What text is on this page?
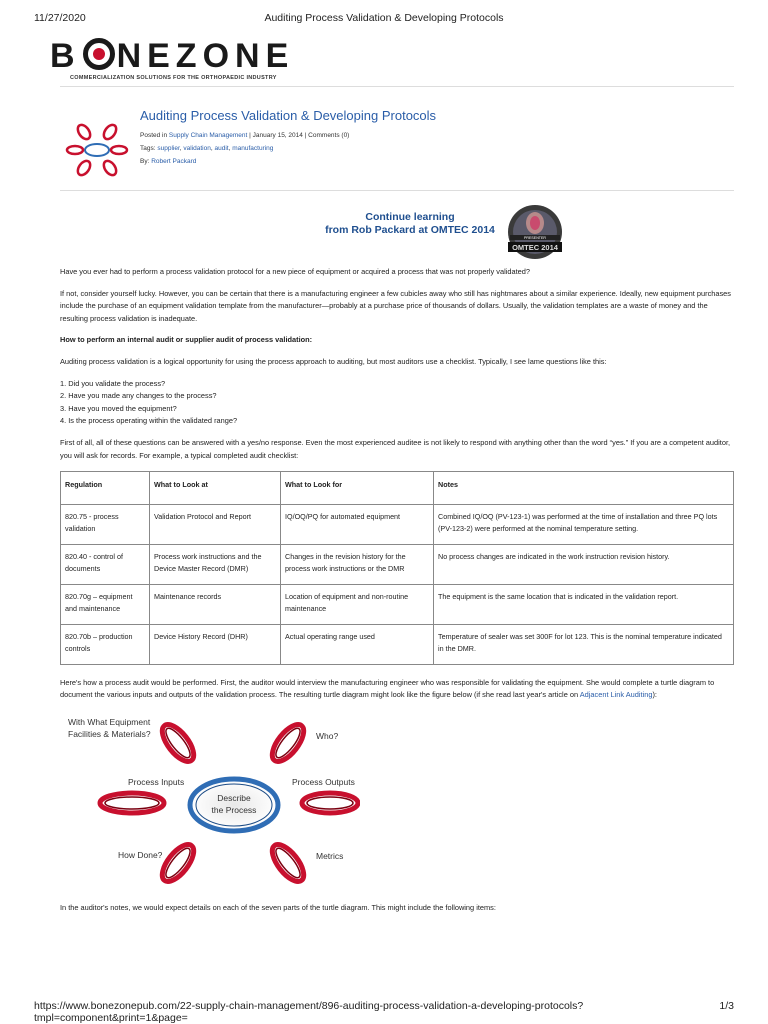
11/27/2020	Auditing Process Validation & Developing Protocols
B NEZONE
COMMERCIALIZATION SOLUTIONS FOR THE ORTHOPAEDIC INDUSTRY
Auditing Process Validation & Developing Protocols
Posted in Supply Chain Management | January 15, 2014 | Comments (0)
Tags: supplier, validation, audit, manufacturing
By: Robert Packard
Continue learning
from Rob Packard at OMTEC 2014
PRESENTER
OMTEC 2014

Have you ever had to perform a process validation protocol for a new piece of equipment or acquired a process that was not properly validated?

If not, consider yourself lucky. However, you can be certain that there is a manufacturing engineer a few cubicles away who still has nightmares about a similar experience. Ideally, new equipment purchases include the purchase of an equipment validation template from the manufacturer—probably at a purchase price of thousands of dollars. Usually, the validation templates are a waste of money and the resulting process validation is inadequate.

How to perform an internal audit or supplier audit of process validation:

Auditing process validation is a logical opportunity for using the process approach to auditing, but most auditors use a checklist. Typically, I see lame questions like this:

1. Did you validate the process?
2. Have you made any changes to the process?
3. Have you moved the equipment?
4. Is the process operating within the validated range?

First of all, all of these questions can be answered with a yes/no response. Even the most experienced auditee is not likely to respond with anything other than the word “yes.” If you are a competent auditor, you will ask for records. For example, a typical completed audit checklist:

Regulation	What to Look at	What to Look for	Notes
820.75 - process validation	Validation Protocol and Report	IQ/OQ/PQ for automated equipment	Combined IQ/OQ (PV-123-1) was performed at the time of installation and three PQ lots (PV-123-2) were performed at the nominal temperature setting.
820.40 - control of documents	Process work instructions and the Device Master Record (DMR)	Changes in the revision history for the process work instructions or the DMR	No process changes are indicated in the work instruction revision history.
820.70g – equipment and maintenance	Maintenance records	Location of equipment and non-routine maintenance	The equipment is the same location that is indicated in the validation report.
820.70b – production controls	Device History Record (DHR)	Actual operating range used	Temperature of sealer was set 300F for lot 123. This is the nominal temperature indicated in the DMR.

Here's how a process audit would be performed. First, the auditor would interview the manufacturing engineer who was responsible for validating the equipment. She would complete a turtle diagram to document the various inputs and outputs of the validation process. The resulting turtle diagram might look like the figure below (if she read last year's article on Adjacent Link Auditing):

With What Equipment
Facilities & Materials?	Who?
Process Inputs	Process Outputs
How Done?	Metrics
Describe
the Process

In the auditor's notes, we would expect details on each of the seven parts of the turtle diagram. This might include the following items:

https://www.bonezonepub.com/22-supply-chain-management/896-auditing-process-validation-a-developing-protocols?tmpl=component&print=1&page=
1/3
